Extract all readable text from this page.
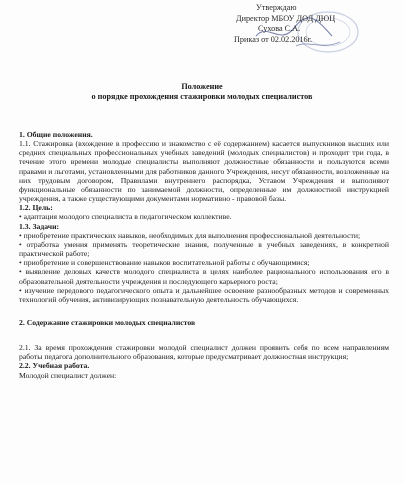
Утверждаю
Директор МБОУ ДОД ДЮЦ
Сухова С.А.
Приказ от 02.02.2016г.
Положение
о порядке прохождения стажировки молодых специалистов

1. Общие положения.

1.1. Стажировка (вхождение в профессию и знакомство с её содержанием) касается выпускников высших или средних специальных профессиональных учебных заведений (молодых специалистов) и проходит три года, в течение этого времени молодые специалисты выполняют должностные обязанности и пользуются всеми правами и льготами, установленными для работников данного Учреждения, несут обязанности, возложенные на них трудовым договором, Правилами внутреннего распорядка, Уставом Учреждения и выполняют функциональные обязанности по занимаемой должности, определенные им должностной инструкцией учреждения, а также существующими документами нормативно - правовой базы.

1.2. Цель:

• адаптация молодого специалиста в педагогическом коллективе.

1.3. Задачи:

• приобретение практических навыков, необходимых для выполнения профессиональной деятельности;

• отработка умения применять теоретические знания, полученные в учебных заведениях, в конкретной практической работе;

• приобретение и совершенствование навыков воспитательной работы с обучающимися;

• выявление деловых качеств молодого специалиста в целях наиболее рационального использования его в образовательной деятельности учреждения и последующего карьерного роста;

• изучение передового педагогического опыта и дальнейшее освоение разнообразных методов и современных технологий обучения, активизирующих познавательную деятельность обучающихся.

2. Содержание стажировки молодых специалистов

2.1. За время прохождения стажировки молодой специалист должен проявить себя по всем направлениям работы педагога дополнительного образования, которые предусматривает должностная инструкция;

2.2. Учебная работа.

Молодой специалист должен:
